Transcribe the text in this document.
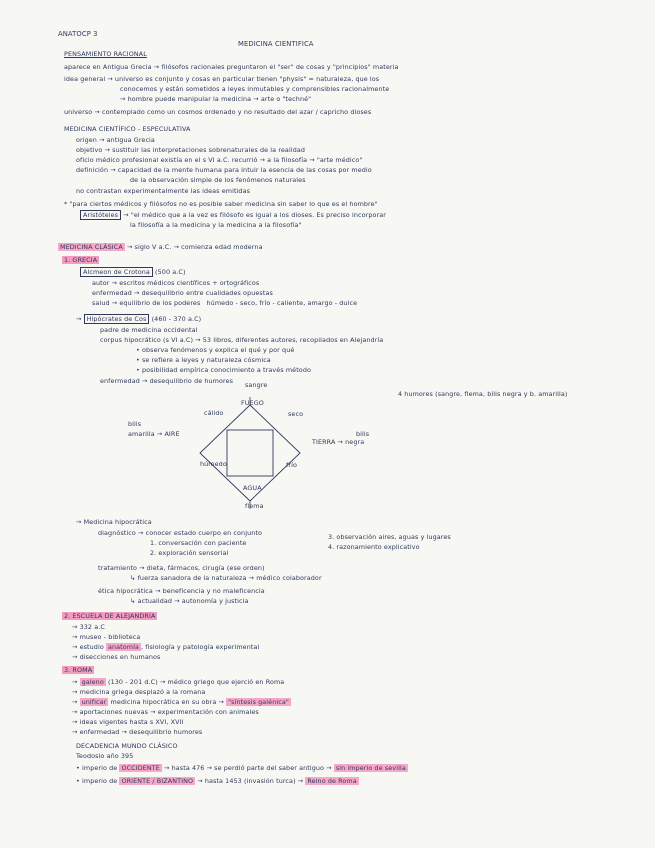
ANATOCP 3
MEDICINA CIENTIFICA
PENSAMIENTO RACIONAL
aparece en Antigua Grecia → filósofos racionales preguntaron el "ser" de cosas y "principios" materia
idea general → universo es conjunto y cosas en particular tienen "physis" = naturaleza, que los
conocemos y están sometidos a leyes inmutables y comprensibles racionalmente
→ hombre puede manipular la medicina → arte o "techné"
universo → contemplado como un cosmos ordenado y no resultado del azar / capricho dioses
MEDICINA CIENTÍFICO - ESPECULATIVA
origen → antigua Grecia
objetivo → sustituir las interpretaciones sobrenaturales de la realidad
oficio médico profesional existía en el s VI a.C. recurrió → a la filosofía → "arte médico"
definición → capacidad de la mente humana para intuir la esencia de las cosas por medio
de la observación simple de los fenómenos naturales
no contrastan experimentalmente las ideas emitidas
* "para ciertos médicos y filósofos no es posible saber medicina sin saber lo que es el hombre"
Aristóteles → "el médico que a la vez es filósofo es igual a los dioses. Es preciso incorporar
la filosofía a la medicina y la medicina a la filosofía"
MEDICINA CLÁSICA → siglo V a.C. → comienza edad moderna
1. GRECIA
Alcmeon de Crotona (500 a.C)
autor → escritos médicos científicos + ortográficos
enfermedad → desequilibrio entre cualidades opuestas
salud → equilibrio de los poderes húmedo - seco, frío - caliente, amargo - dulce
→ Hipócrates de Cos (460 - 370 a.C)
padre de medicina occidental
corpus hipocrático (s VI a.C) → 53 libros, diferentes autores, recopilados en Alejandría
• observa fenómenos y explica el qué y por qué
• se refiere a leyes y naturaleza cósmica
• posibilidad empírica conocimiento a través método
enfermedad → desequilibrio de humores
4 humores (sangre, flema, bilis negra y b. amarilla)
sangre
FUEGO
cálido	seco
bilis
amarilla → AIRE
TIERRA → negra
bilis
húmedo	frío
AGUA
flema
→ Medicina hipocrática
diagnóstico → conocer estado cuerpo en conjunto
1. conversación con paciente
3. observación aires, aguas y lugares
2. exploración sensorial
4. razonamiento explicativo
tratamiento → dieta, fármacos, cirugía (ese orden)
↳ fuerza sanadora de la naturaleza → médico colaborador
ética hipocrática → beneficencia y no maleficencia
↳ actualidad → autonomía y justicia
2. ESCUELA DE ALEJANDRÍA
→ 332 a.C
→ museo - biblioteca
→ estudio anatomía , fisiología y patología experimental
→ disecciones en humanos
3. ROMA
→ galeno (130 - 201 d.C) → médico griego que ejerció en Roma
→ medicina griega desplazó a la romana
→ unificar medicina hipocrática en su obra → "síntesis galénica"
→ aportaciones nuevas → experimentación con animales
→ ideas vigentes hasta s XVI, XVII
→ enfermedad → desequilibrio humores
DECADENCIA MUNDO CLÁSICO
Teodosio año 395
• imperio de OCCIDENTE → hasta 476 → se perdió parte del saber antiguo → sin imperio de sevilla
• imperio de ORIENTE / BIZANTINO → hasta 1453 (invasión turca) → Reino de Roma
